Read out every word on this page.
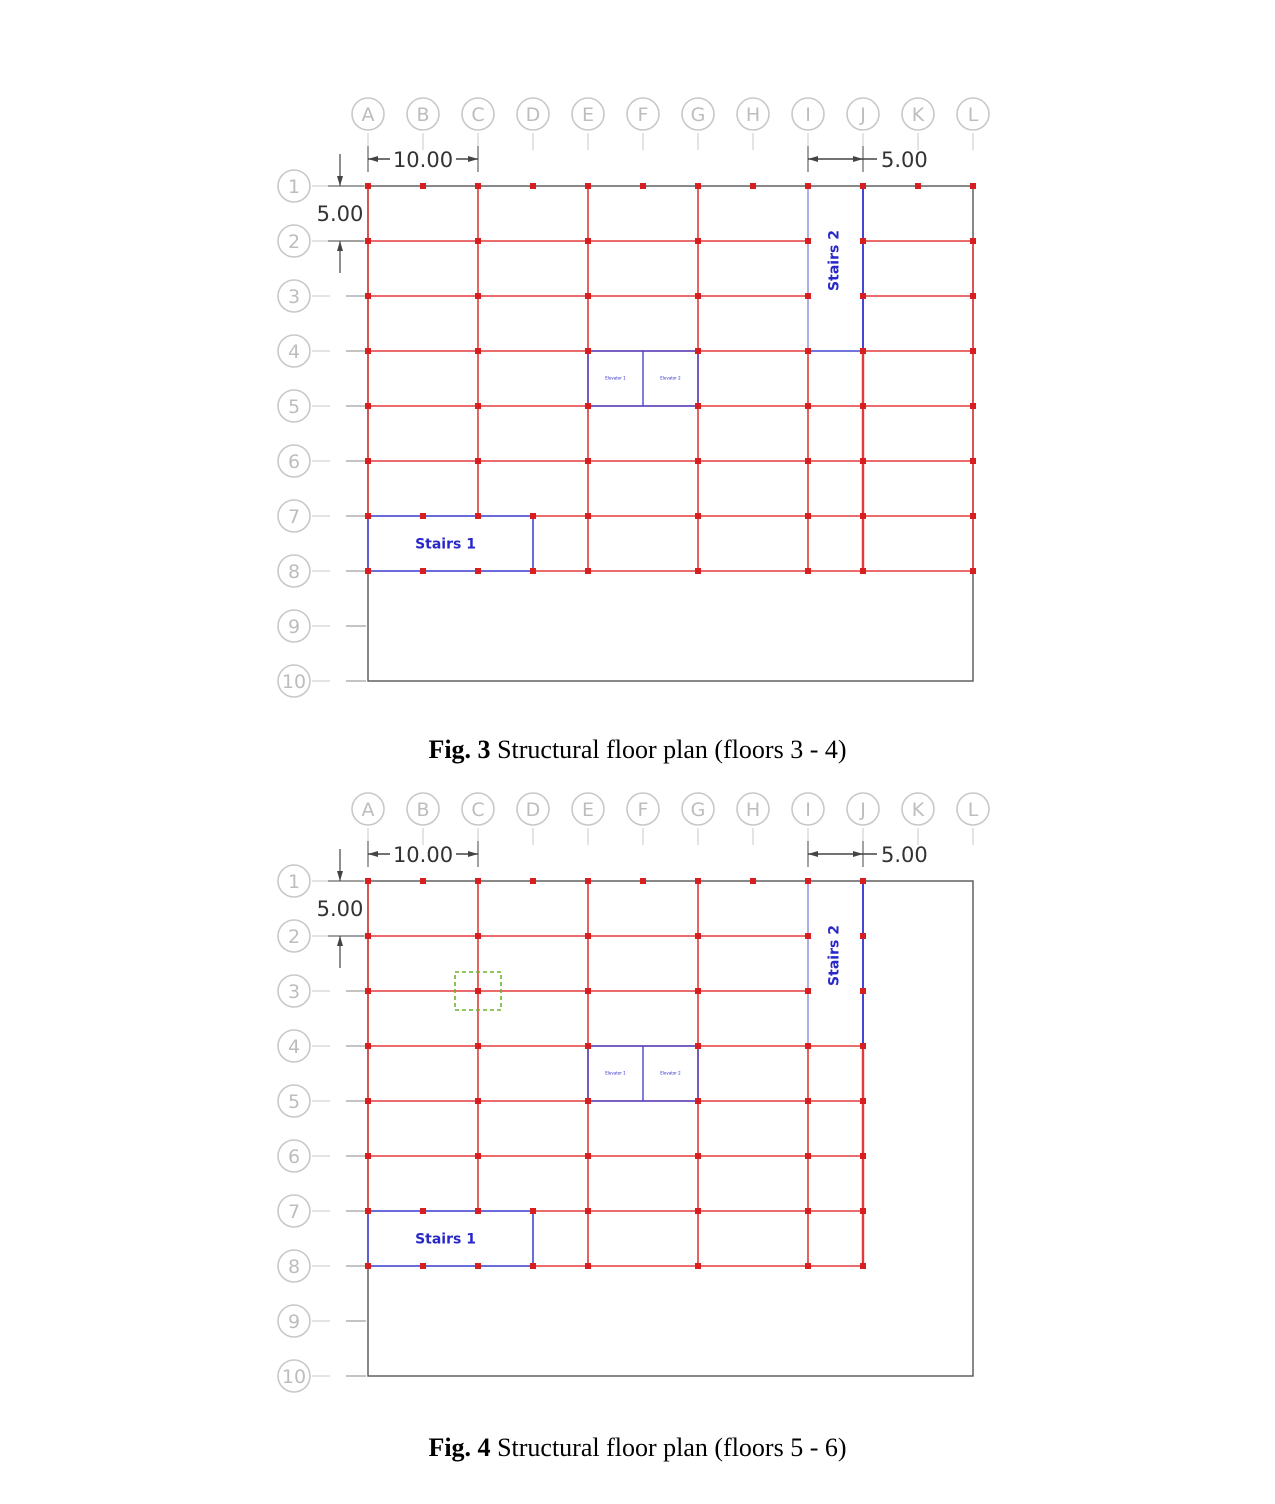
A B C D E F G H I	J K L
1
2
3
4
5
6
7
8
9
10
10.00	5.00
5.00
Stairs 2
Stairs 1
Elevator 1	Elevator 2
Fig. 3 Structural floor plan (floors 3 - 4)
A B C D E F G H I	J K L
1
2
3
4
5
6
7
8
9
10
10.00	5.00
5.00
Stairs 2
Stairs 1
Elevator 1	Elevator 2
Fig. 4 Structural floor plan (floors 5 - 6)
